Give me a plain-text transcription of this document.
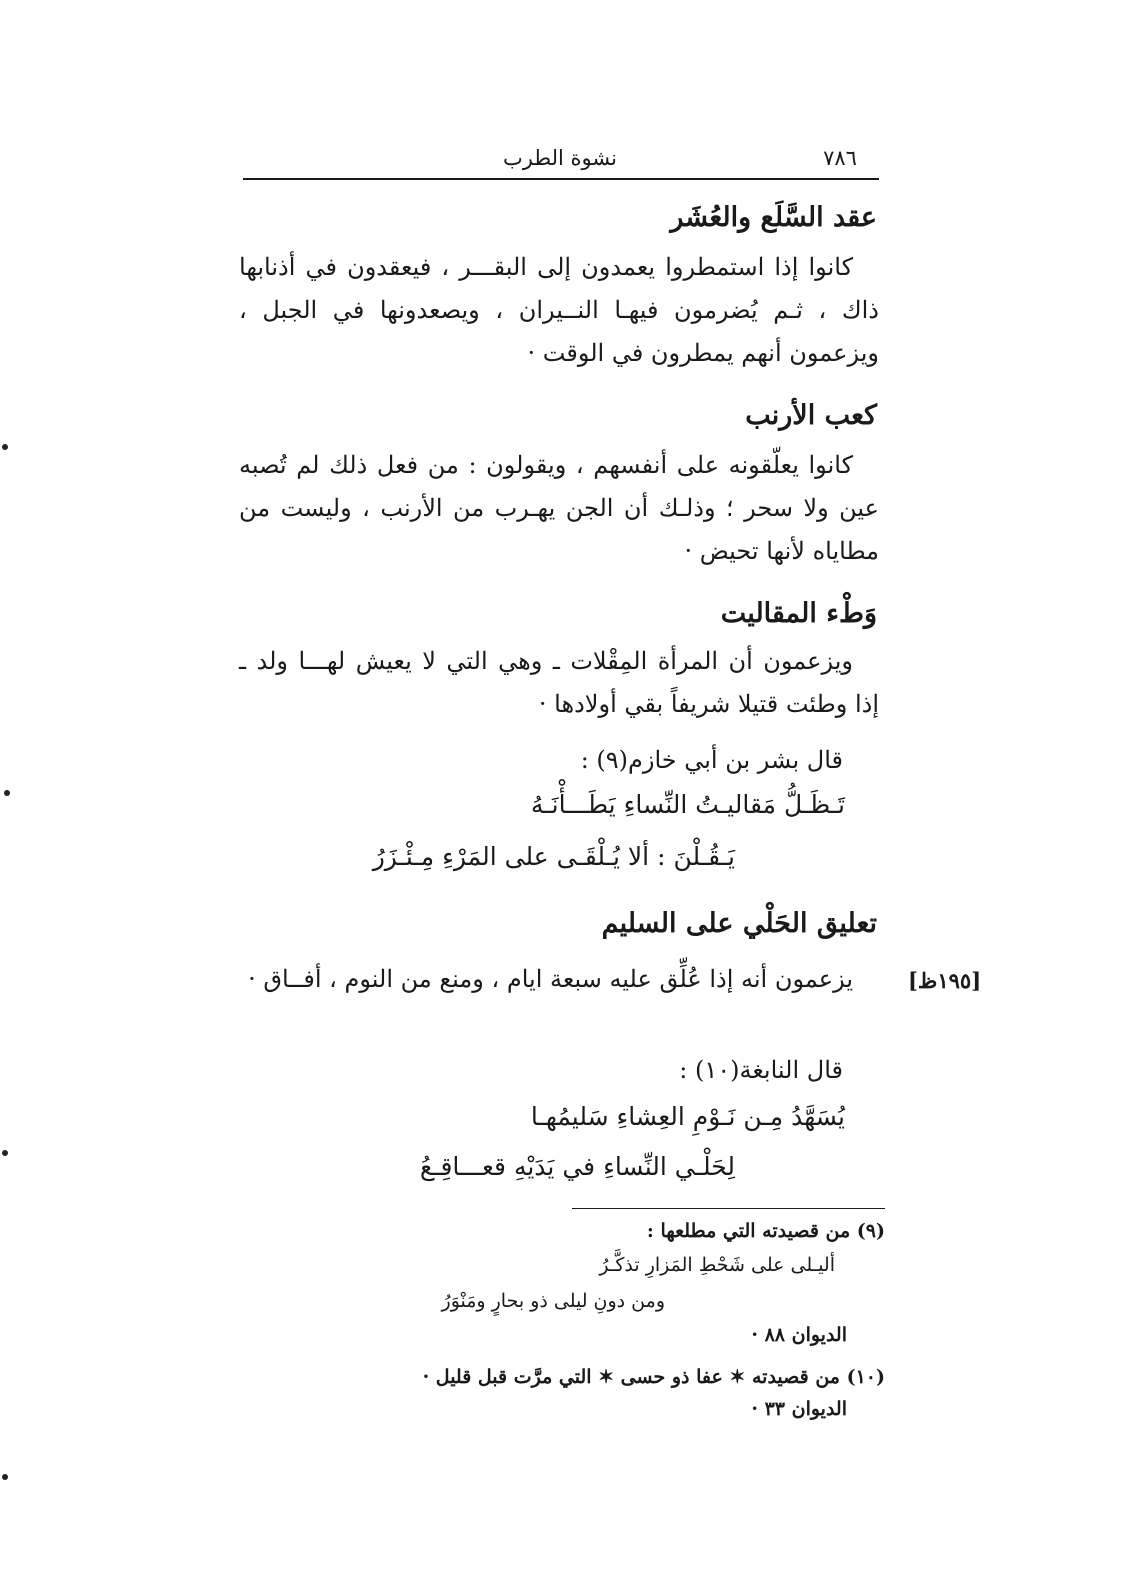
٧٨٦
نشوة الطرب
عقد السَّلَع والعُشَر
كانوا إذا استمطروا يعمدون إلى البقـــر ، فيعقدون في أذنابها ذاك ، ثـم يُضرمون فيهـا النــيران ، ويصعدونها في الجبل ، ويزعمون أنهم يمطرون في الوقت ·
كعب الأرنب
كانوا يعلّقونه على أنفسهم ، ويقولون : من فعل ذلك لم تُصبه عين ولا سحر ؛ وذلـك أن الجن يهـرب من الأرنب ، وليست من مطاياه لأنها تحيض ·
وَطْء المقاليت
ويزعمون أن المرأة المِقْلات ـ وهي التي لا يعيش لهـــا ولد ـ إذا وطئت قتيلا شريفاً بقي أولادها ·
قال بشر بن أبي خازم(٩) :
تَـظَـلُّ مَقاليـتُ النِّساءِ يَطَـــأْنَـهُ
يَـقُـلْنَ : ألا يُـلْقَـى على المَرْءِ مِـئْـزَرُ
تعليق الحَلْي على السليم
[١٩٥ظ]
يزعمون أنه إذا عُلِّق عليه سبعة ايام ، ومنع من النوم ، أفــاق ·
قال النابغة(١٠) :
يُسَهَّدُ مِـن نَـوْمِ العِشاءِ سَليمُهـا
لِحَلْـي النِّساءِ في يَدَيْهِ قعـــاقِـعُ
(٩) من قصيدته التي مطلعها :
أليـلى على شَحْطِ المَزارِ تذكَّـرُ
ومن دونِ ليلى ذو بحارٍ ومَنْوَرُ
الديوان ٨٨ ·
(١٠) من قصيدته ✶ عفا ذو حسى ✶ التي مرَّت قبل قليل ·
الديوان ٣٣ ·
